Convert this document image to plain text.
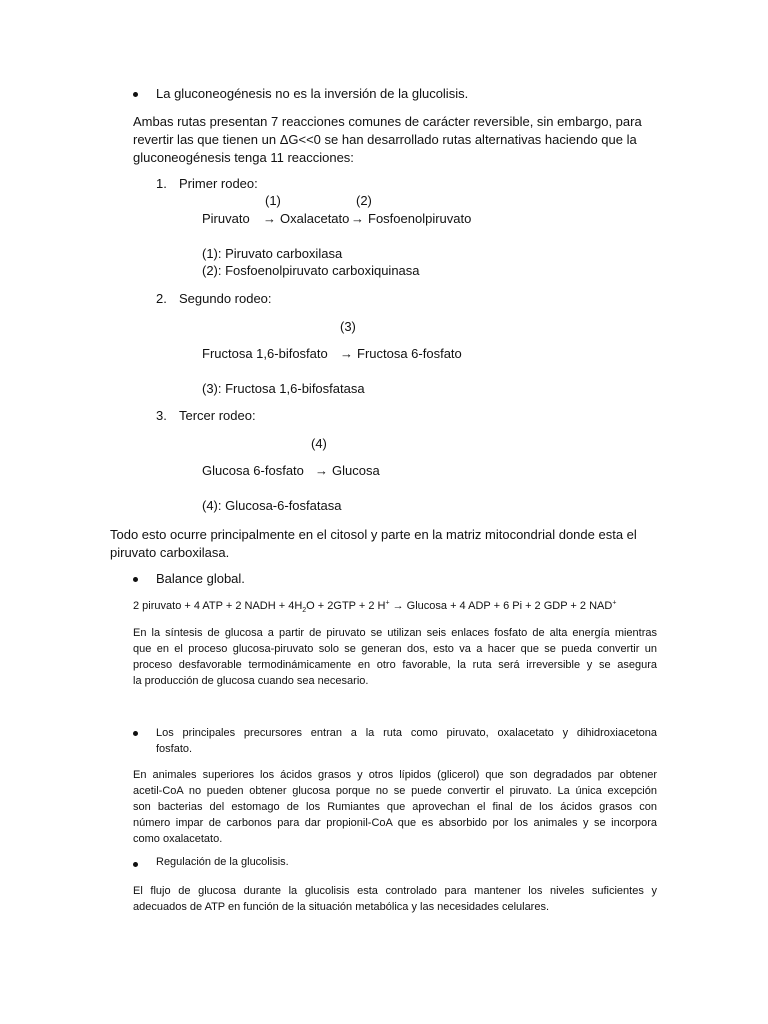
La gluconeogénesis no es la inversión de la glucolisis.
Ambas rutas presentan 7 reacciones comunes de carácter reversible, sin embargo, para
revertir las que tienen un ΔG<<0 se han desarrollado rutas alternativas haciendo que la
gluconeogénesis tenga 11 reacciones:
1. Primer rodeo:
(1)	(2)
Piruvato → Oxalacetato → Fosfoenolpiruvato
(1): Piruvato carboxilasa
(2): Fosfoenolpiruvato carboxiquinasa
2. Segundo rodeo:
(3)
Fructosa 1,6-bifosfato → Fructosa 6-fosfato
(3): Fructosa 1,6-bifosfatasa
3. Tercer rodeo:
(4)
Glucosa 6-fosfato → Glucosa
(4): Glucosa-6-fosfatasa
Todo esto ocurre principalmente en el citosol y parte en la matriz mitocondrial donde esta el
piruvato carboxilasa.
Balance global.
2 piruvato + 4 ATP + 2 NADH + $4H_2O + 2GTP + 2$ H+ → Glucosa + 4 ADP + 6 Pi + 2 GDP + 2 NAD+
En la síntesis de glucosa a partir de piruvato se utilizan seis enlaces fosfato de alta energía mientras
que en el proceso glucosa-piruvato solo se generan dos, esto va a hacer que se pueda convertir un
proceso desfavorable termodinámicamente en otro favorable, la ruta será irreversible y se asegura
la producción de glucosa cuando sea necesario.
Los principales precursores entran a la ruta como piruvato, oxalacetato y dihidroxiacetona
fosfato.
En animales superiores los ácidos grasos y otros lípidos (glicerol) que son degradados par obtener
acetil-CoA no pueden obtener glucosa porque no se puede convertir el piruvato. La única excepción
son bacterias del estomago de los Rumiantes que aprovechan el final de los ácidos grasos con
número impar de carbonos para dar propionil-CoA que es absorbido por los animales y se incorpora
como oxalacetato.
Regulación de la glucolisis.
El flujo de glucosa durante la glucolisis esta controlado para mantener los niveles suficientes y
adecuados de ATP en función de la situación metabólica y las necesidades celulares.
